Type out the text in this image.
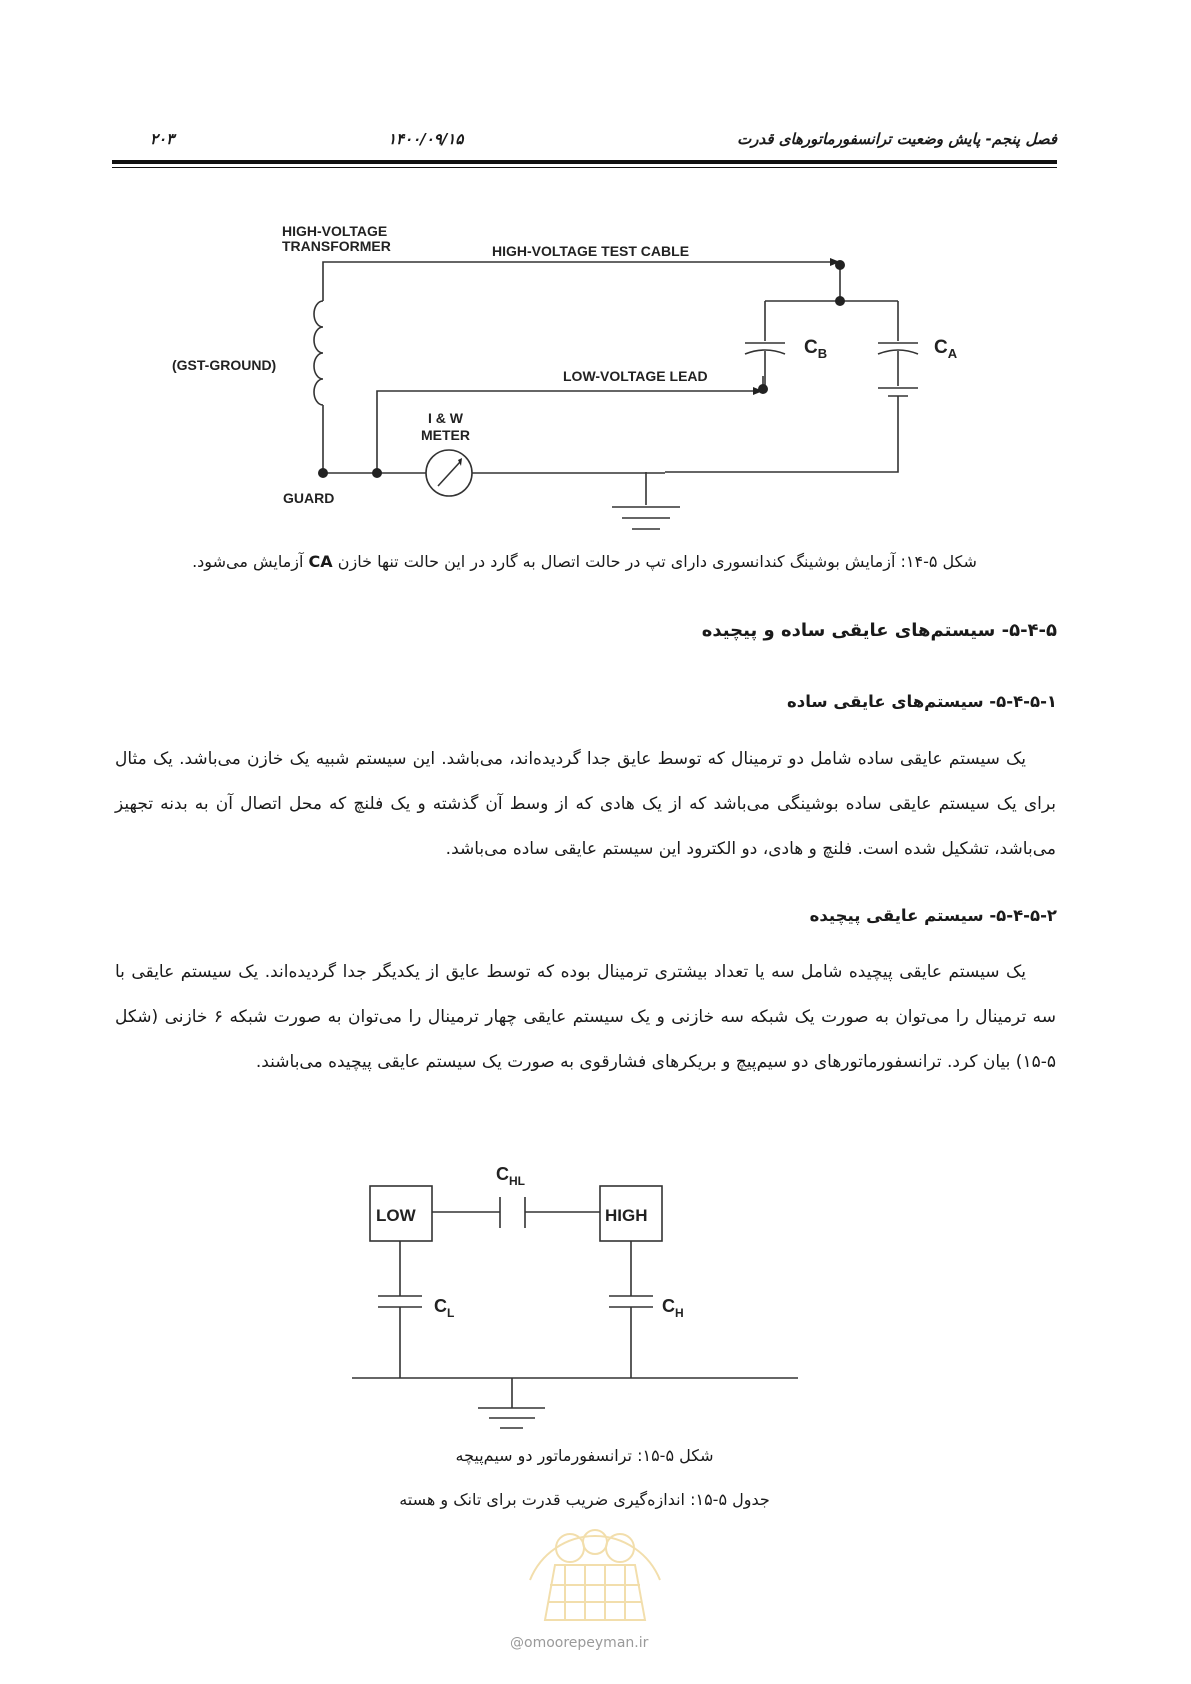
۲۰۳	۱۴۰۰/۰۹/۱۵	فصل پنجم- پایش وضعیت ترانسفورماتورهای قدرت
HIGH-VOLTAGE
TRANSFORMER	HIGH-VOLTAGE TEST CABLE
(GST-GROUND)
LOW-VOLTAGE LEAD
I & W
METER
GUARD
$C_B$	$C_A$
شکل ۵-۱۴: آزمایش بوشینگ کندانسوری دارای تپ در حالت اتصال به گارد در این حالت تنها خازن CA آزمایش می‌شود.
۵-۴-۵- سیستم‌های عایقی ساده و پیچیده
۵-۴-۵-۱- سیستم‌های عایقی ساده
یک سیستم عایقی ساده شامل دو ترمینال که توسط عایق جدا گردیده‌اند، می‌باشد. این سیستم شبیه یک خازن می‌باشد. یک مثال برای یک سیستم عایقی ساده بوشینگی می‌باشد که از یک هادی که از وسط آن گذشته و یک فلنچ که محل اتصال آن به بدنه تجهیز می‌باشد، تشکیل شده است. فلنچ و هادی، دو الکترود این سیستم عایقی ساده می‌باشد.
۵-۴-۵-۲- سیستم عایقی پیچیده
یک سیستم عایقی پیچیده شامل سه یا تعداد بیشتری ترمینال بوده که توسط عایق از یکدیگر جدا گردیده‌اند. یک سیستم عایقی با سه ترمینال را می‌توان به صورت یک شبکه سه خازنی و یک سیستم عایقی چهار ترمینال را می‌توان به صورت شبکه ۶ خازنی (شکل ۵-۱۵) بیان کرد. ترانسفورماتورهای دو سیم‌پیچ و بریکرهای فشارقوی به صورت یک سیستم عایقی پیچیده می‌باشند.
LOW	HIGH
$C_{HL}$
$C_L$	$C_H$
شکل ۵-۱۵: ترانسفورماتور دو سیم‌پیچه
جدول ۵-۱۵: اندازه‌گیری ضریب قدرت برای تانک و هسته
@omoorepeyman.ir
